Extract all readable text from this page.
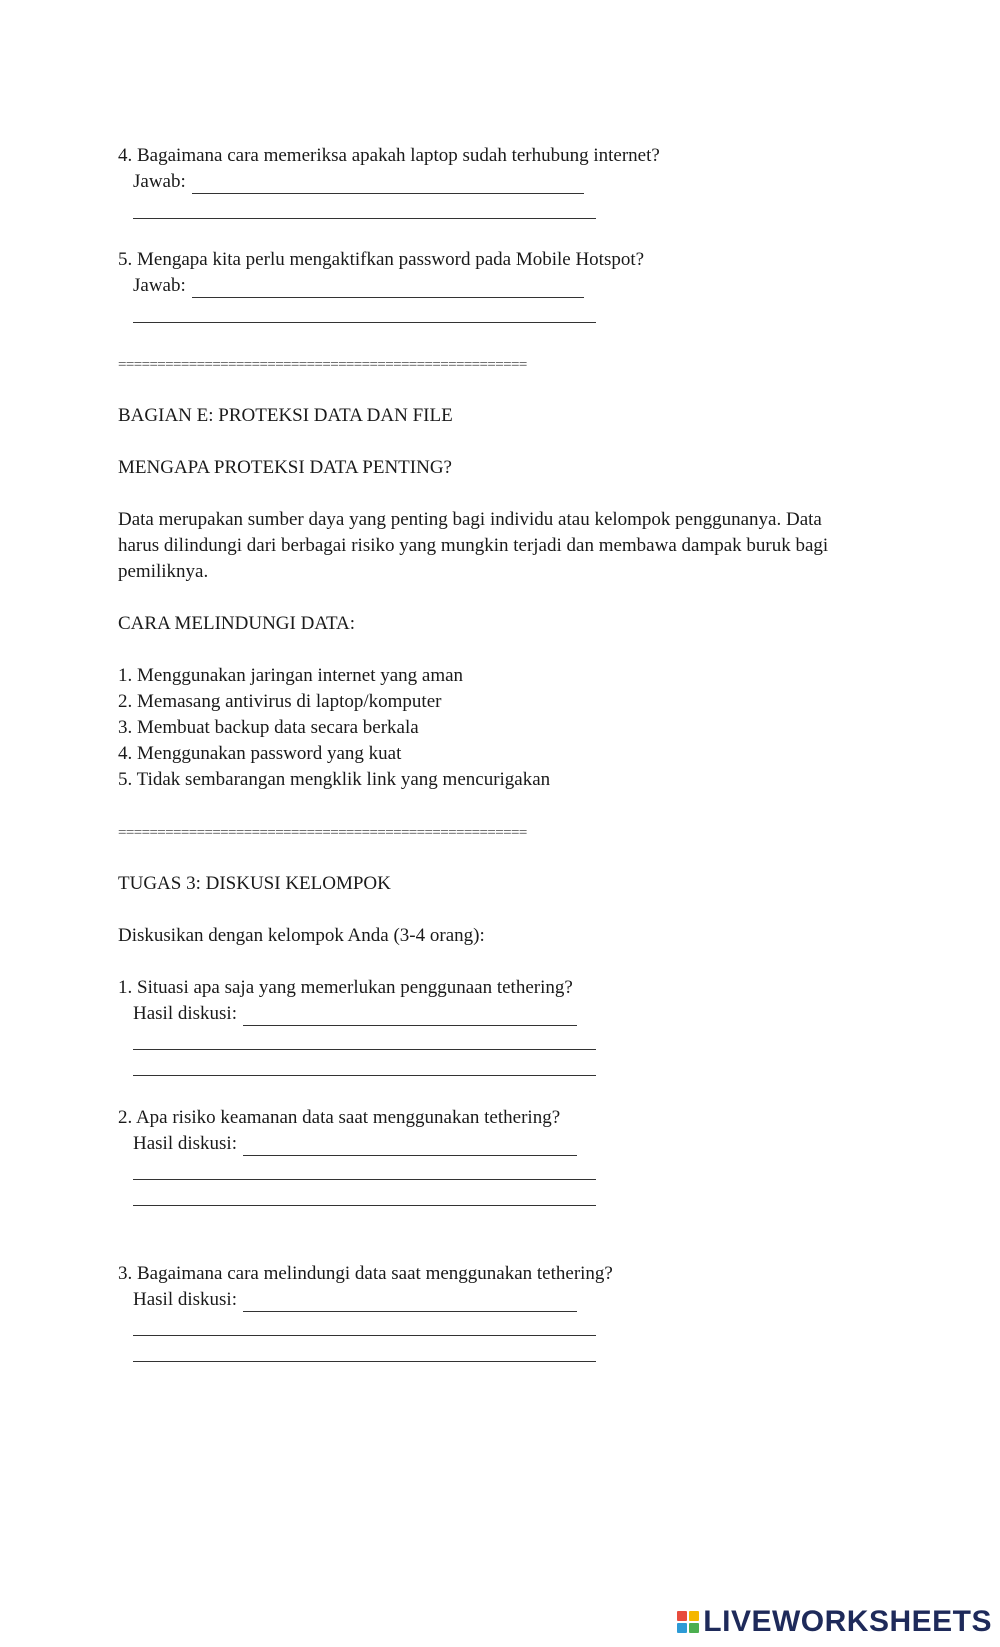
4. Bagaimana cara memeriksa apakah laptop sudah terhubung internet?
Jawab:
5. Mengapa kita perlu mengaktifkan password pada Mobile Hotspot?
Jawab:
====================================================
BAGIAN E: PROTEKSI DATA DAN FILE
MENGAPA PROTEKSI DATA PENTING?
Data merupakan sumber daya yang penting bagi individu atau kelompok penggunanya. Data harus dilindungi dari berbagai risiko yang mungkin terjadi dan membawa dampak buruk bagi pemiliknya.
CARA MELINDUNGI DATA:
1. Menggunakan jaringan internet yang aman
2. Memasang antivirus di laptop/komputer
3. Membuat backup data secara berkala
4. Menggunakan password yang kuat
5. Tidak sembarangan mengklik link yang mencurigakan
====================================================
TUGAS 3: DISKUSI KELOMPOK
Diskusikan dengan kelompok Anda (3-4 orang):
1. Situasi apa saja yang memerlukan penggunaan tethering?
Hasil diskusi:
2. Apa risiko keamanan data saat menggunakan tethering?
Hasil diskusi:
3. Bagaimana cara melindungi data saat menggunakan tethering?
Hasil diskusi:
LIVEWORKSHEETS
